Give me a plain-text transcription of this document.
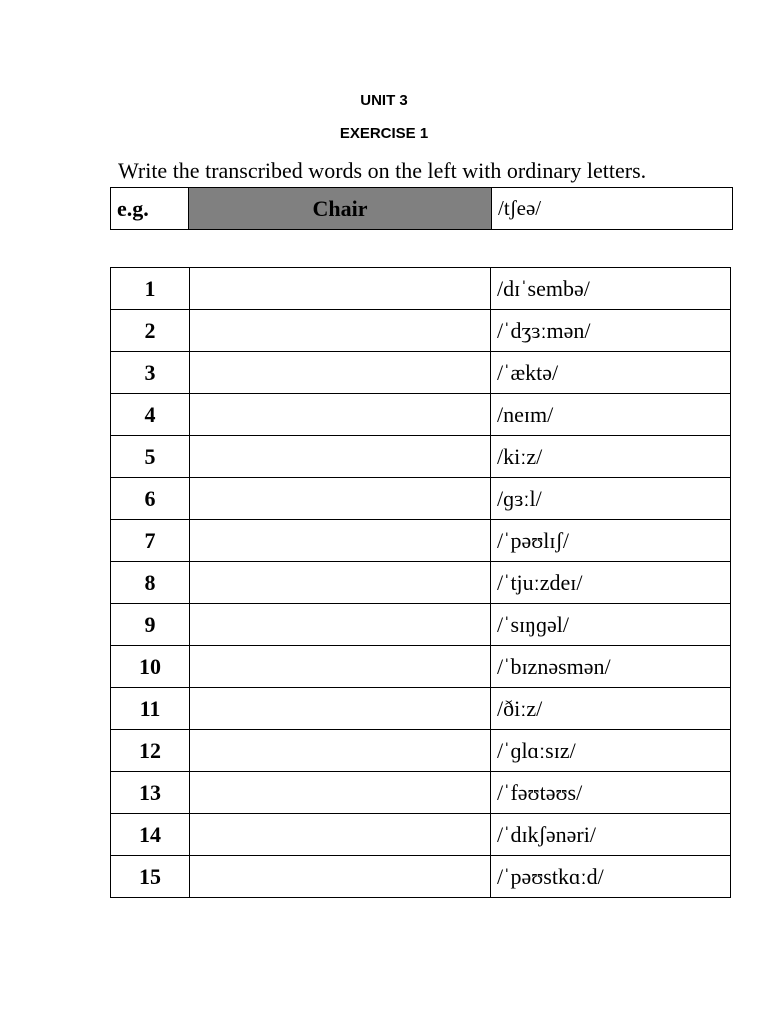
UNIT 3
EXERCISE 1
Write the transcribed words on the left with ordinary letters.
e.g.	Chair	/tʃeə/
1		/dɪˈsembə/
2		/ˈdʒɜːmən/
3		/ˈæktə/
4		/neɪm/
5		/kiːz/
6		/ɡɜːl/
7		/ˈpəʊlɪʃ/
8		/ˈtjuːzdeɪ/
9		/ˈsɪŋɡəl/
10		/ˈbɪznəsmən/
11		/ðiːz/
12		/ˈɡlɑːsɪz/
13		/ˈfəʊtəʊs/
14		/ˈdɪkʃənəri/
15		/ˈpəʊstkɑːd/
